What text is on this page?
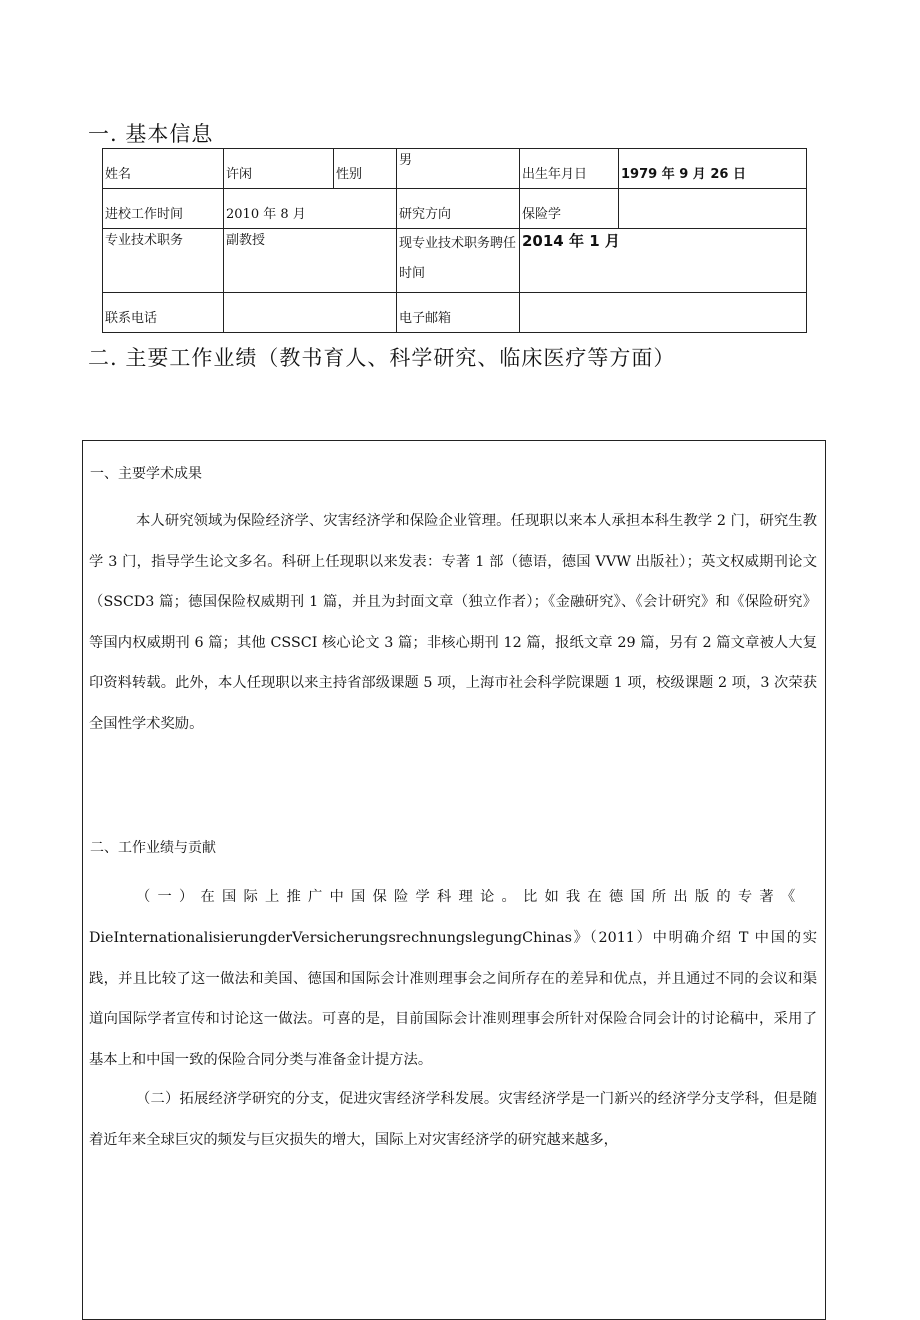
一. 基本信息
姓名	许闲	性别	男	出生年月日	1979 年 9 月 26 日
进校工作时间	2010 年 8 月		研究方向	保险学	
专业技术职务	副教授		现专业技术职务聘任时间	2014 年 1 月	
联系电话			电子邮箱		
二. 主要工作业绩（教书育人、科学研究、临床医疗等方面）
一、主要学术成果
本人研究领域为保险经济学、灾害经济学和保险企业管理。任现职以来本人承担本科生教学 2 门，研究生教学 3 门，指导学生论文多名。科研上任现职以来发表：专著 1 部（德语，德国 VVW 出版社）；英文权威期刊论文（SSCD3 篇；德国保险权威期刊 1 篇，并且为封面文章（独立作者）；《金融研究》、《会计研究》和《保险研究》等国内权威期刊 6 篇；其他 CSSCI 核心论文 3 篇；非核心期刊 12 篇，报纸文章 29 篇，另有 2 篇文章被人大复印资料转载。此外，本人任现职以来主持省部级课题 5 项，上海市社会科学院课题 1 项，校级课题 2 项，3 次荣获全国性学术奖励。
二、工作业绩与贡献
（一）在国际上推广中国保险学科理论。比如我在德国所出版的专著《
DieInternationalisierungderVersicherungsrechnungslegungChinas》（2011）中明确介绍 T 中国的实践，并且比较了这一做法和美国、德国和国际会计准则理事会之间所存在的差异和优点，并且通过不同的会议和渠道向国际学者宣传和讨论这一做法。可喜的是，目前国际会计准则理事会所针对保险合同会计的讨论稿中，采用了基本上和中国一致的保险合同分类与准备金计提方法。
（二）拓展经济学研究的分支，促进灾害经济学科发展。灾害经济学是一门新兴的经济学分支学科，但是随着近年来全球巨灾的频发与巨灾损失的增大，国际上对灾害经济学的研究越来越多，
